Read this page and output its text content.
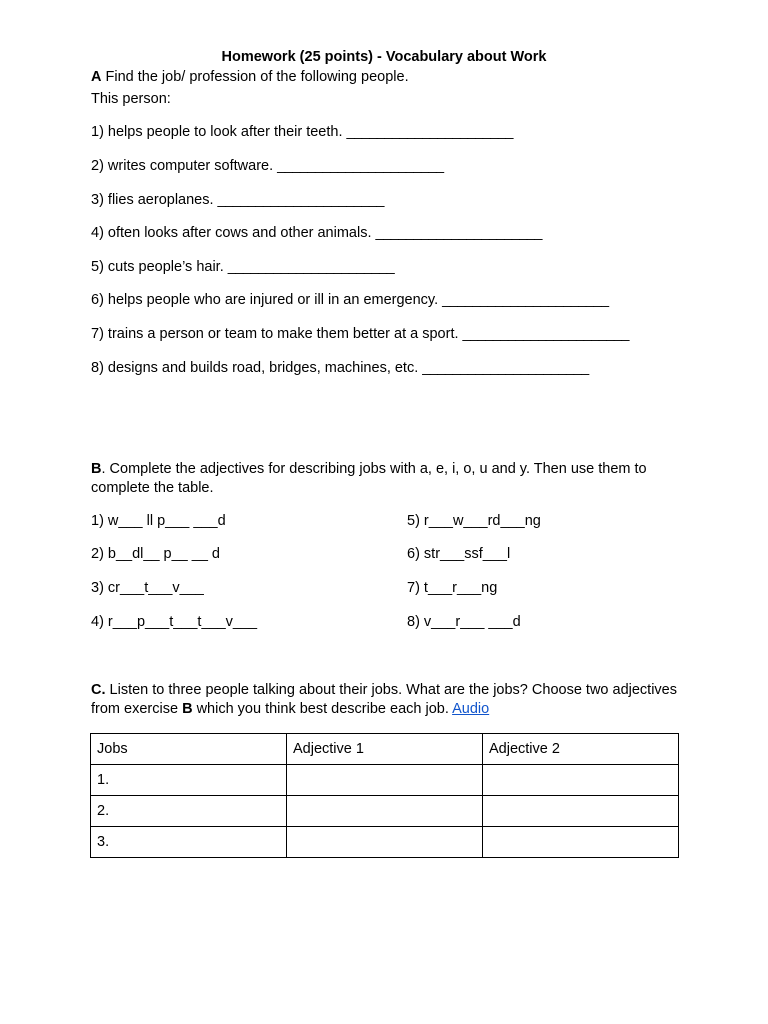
Homework (25 points) - Vocabulary about Work
A Find the job/ profession of the following people.
This person:
1) helps people to look after their teeth. ______________________
2) writes computer software. ______________________
3) flies aeroplanes. ______________________
4) often looks after cows and other animals. ______________________
5) cuts people’s hair. ______________________
6) helps people who are injured or ill in an emergency. ______________________
7) trains a person or team to make them better at a sport. ______________________
8) designs and builds road, bridges, machines, etc. ______________________
B. Complete the adjectives for describing jobs with a, e, i, o, u and y. Then use them to complete the table.
1) w___ ll p___ ___d
2) b__dl__ p__ __ d
3) cr___t___v___
4) r___p___t___t___v___
5) r___w___rd___ng
6) str___ssf___l
7) t___r___ng
8) v___r___ ___d
C. Listen to three people talking about their jobs. What are the jobs? Choose two adjectives from exercise B which you think best describe each job. Audio
Jobs	Adjective 1	Adjective 2
1.		
2.		
3.		
